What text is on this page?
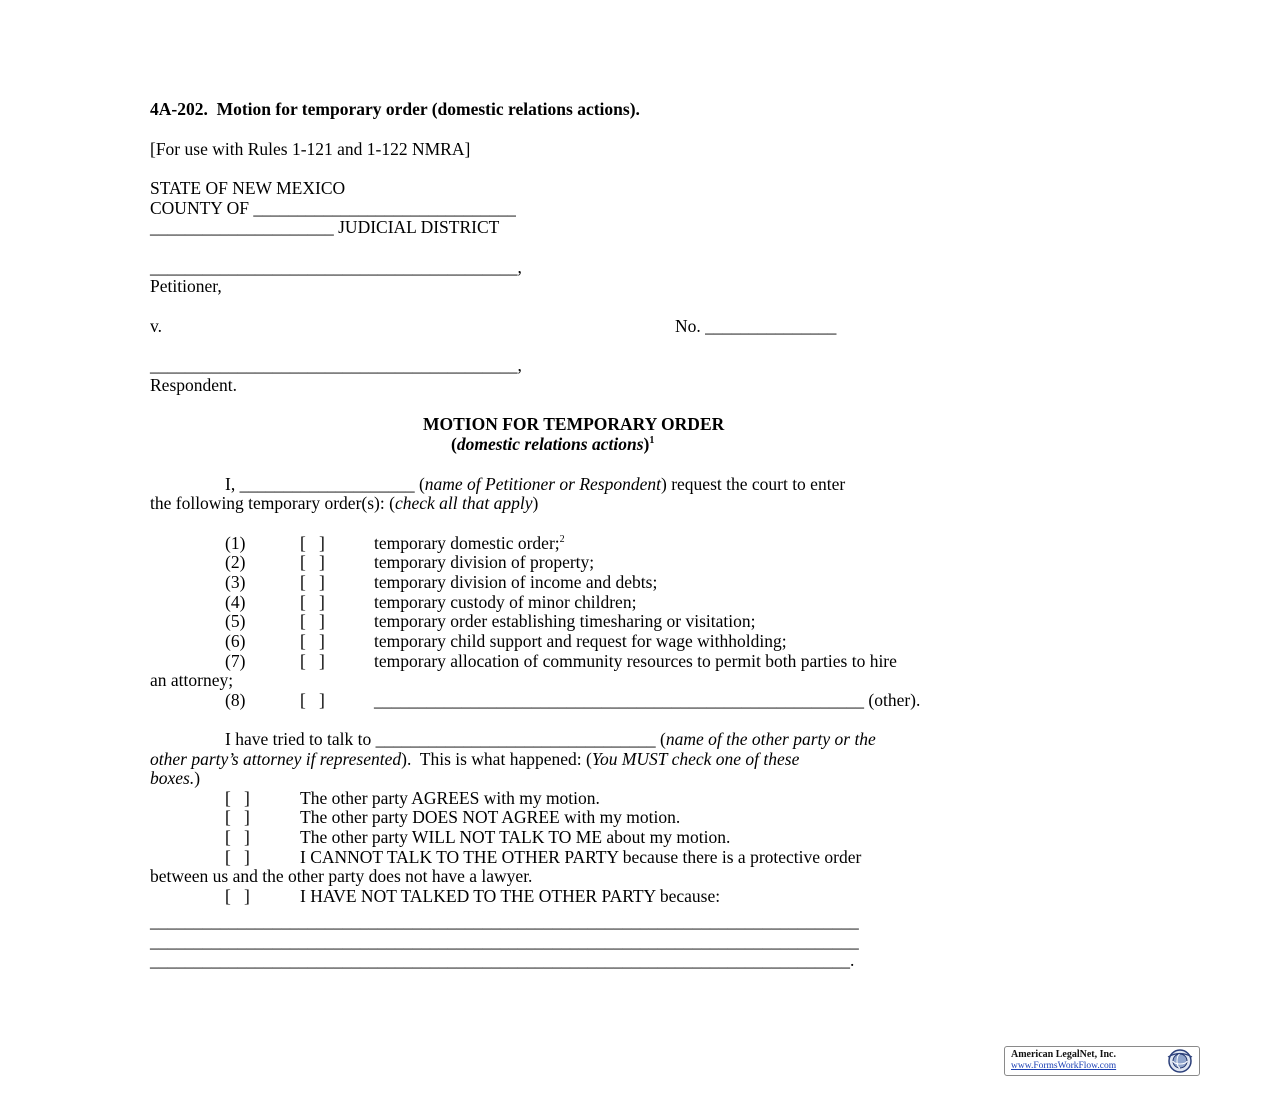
4A-202.  Motion for temporary order (domestic relations actions).
[For use with Rules 1-121 and 1-122 NMRA]
STATE OF NEW MEXICO
COUNTY OF ______________________________
_____________________ JUDICIAL DISTRICT
__________________________________________,
Petitioner,
v.	No. _______________
__________________________________________,
Respondent.
MOTION FOR TEMPORARY ORDER
(domestic relations actions)$^1$
I, ____________________ (name of Petitioner or Respondent) request the court to enter
the following temporary order(s): (check all that apply)
(1)	[   ]	temporary domestic order;$^2$
(2)	[   ]	temporary division of property;
(3)	[   ]	temporary division of income and debts;
(4)	[   ]	temporary custody of minor children;
(5)	[   ]	temporary order establishing timesharing or visitation;
(6)	[   ]	temporary child support and request for wage withholding;
(7)	[   ]	temporary allocation of community resources to permit both parties to hire
an attorney;
(8)	[   ]	________________________________________________________ (other).
I have tried to talk to ________________________________ (name of the other party or the
other party’s attorney if represented).  This is what happened: (You MUST check one of these
boxes.)
[   ]	The other party AGREES with my motion.
[   ]	The other party DOES NOT AGREE with my motion.
[   ]	The other party WILL NOT TALK TO ME about my motion.
[   ]	I CANNOT TALK TO THE OTHER PARTY because there is a protective order
between us and the other party does not have a lawyer.
[   ]	I HAVE NOT TALKED TO THE OTHER PARTY because:
_________________________________________________________________________________
_________________________________________________________________________________
________________________________________________________________________________.
American LegalNet, Inc.
www.FormsWorkFlow.com
